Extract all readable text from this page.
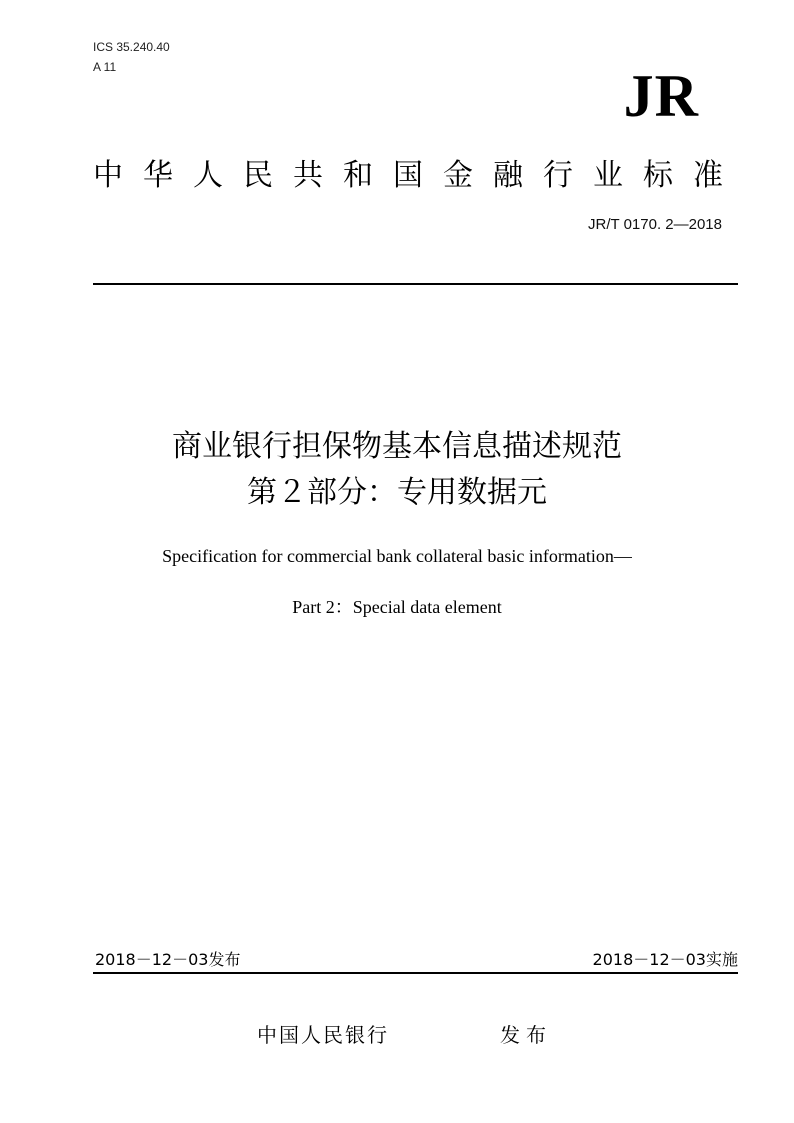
ICS 35.240.40
A 11	JR
中 华 人 民 共 和 国 金 融 行 业 标 准
JR/T 0170. 2—2018
商业银行担保物基本信息描述规范
第２部分：专用数据元
Specification for commercial bank collateral basic information—
Part 2：Special data element
2018－12－03发布	2018－12－03实施
中国人民银行	发布
